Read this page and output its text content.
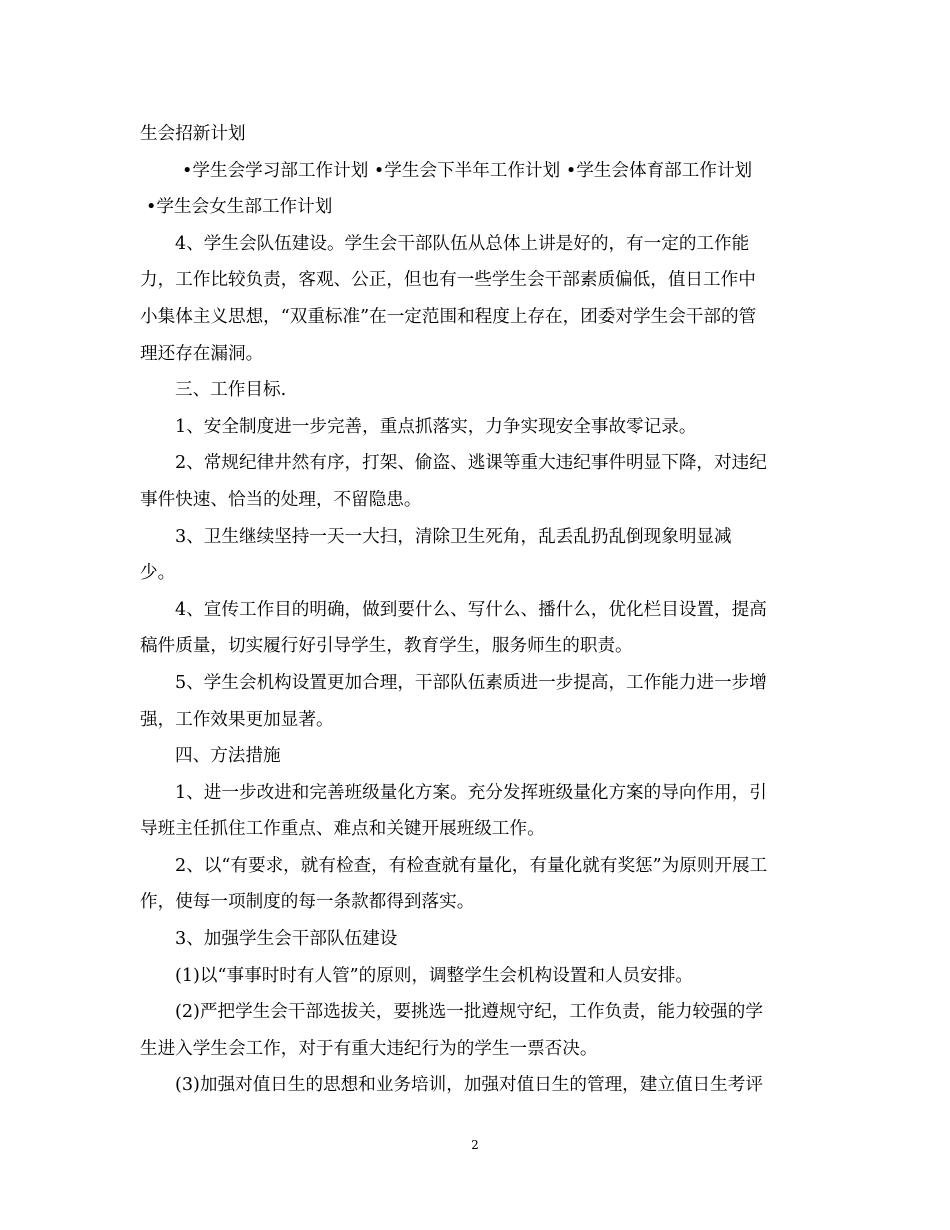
生会招新计划
•学生会学习部工作计划 •学生会下半年工作计划 •学生会体育部工作计划
•学生会女生部工作计划
4、学生会队伍建设。学生会干部队伍从总体上讲是好的，有一定的工作能
力，工作比较负责，客观、公正，但也有一些学生会干部素质偏低，值日工作中
小集体主义思想，“双重标准”在一定范围和程度上存在，团委对学生会干部的管
理还存在漏洞。
三、工作目标.
1、安全制度进一步完善，重点抓落实，力争实现安全事故零记录。
2、常规纪律井然有序，打架、偷盗、逃课等重大违纪事件明显下降，对违纪
事件快速、恰当的处理，不留隐患。
3、卫生继续坚持一天一大扫，清除卫生死角，乱丢乱扔乱倒现象明显减
少。
4、宣传工作目的明确，做到要什么、写什么、播什么，优化栏目设置，提高
稿件质量，切实履行好引导学生，教育学生，服务师生的职责。
5、学生会机构设置更加合理，干部队伍素质进一步提高，工作能力进一步增
强，工作效果更加显著。
四、方法措施
1、进一步改进和完善班级量化方案。充分发挥班级量化方案的导向作用，引
导班主任抓住工作重点、难点和关键开展班级工作。
2、以“有要求，就有检查，有检查就有量化，有量化就有奖惩”为原则开展工
作，使每一项制度的每一条款都得到落实。
3、加强学生会干部队伍建设
(1)以“事事时时有人管”的原则，调整学生会机构设置和人员安排。
(2)严把学生会干部选拔关，要挑选一批遵规守纪，工作负责，能力较强的学
生进入学生会工作，对于有重大违纪行为的学生一票否决。
(3)加强对值日生的思想和业务培训，加强对值日生的管理，建立值日生考评
2
